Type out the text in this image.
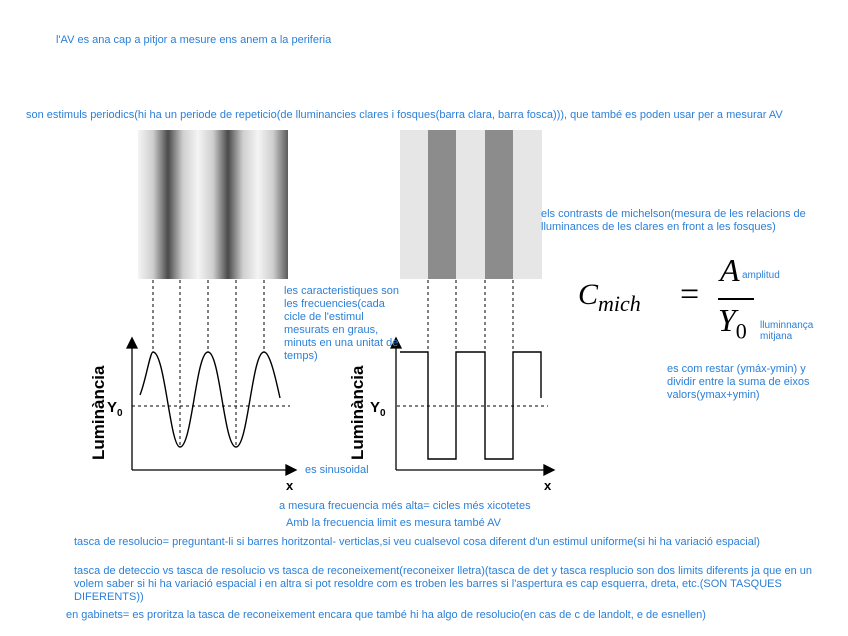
l'AV es ana cap a pitjor a mesure ens anem a la periferia

son estimuls periodics(hi ha un periode de repeticio(de lluminancies clares i fosques(barra clara, barra fosca))), que també es poden usar per a mesurar AV

Luminància	Luminància
x	x
$Y_0$	$Y_0$

els contrasts de michelson(mesura de les relacions de lluminances de les clares en front a les fosques)

les caracteristiques son les frecuencies(cada cicle de l'estimul mesurats en graus, minuts en una unitat de temps)

$C_{mich}$ =
A amplitud
$Y_0$ lluminnança mitjana

es com restar (ymáx-ymin) y dividir entre la suma de eixos valors(ymax+ymin)

es sinusoidal

a mesura frecuencia més alta= cicles més xicotetes

Amb la frecuencia limit es mesura també AV

tasca de resolucio= preguntant-li si barres horitzontal- verticlas,si veu cualsevol cosa diferent d'un estimul uniforme(si hi ha variació espacial)

tasca de deteccio vs tasca de resolucio vs tasca de reconeixement(reconeixer lletra)(tasca de det y tasca resplucio son dos limits diferents ja que en un volem saber si hi ha variació espacial i en altra si pot resoldre com es troben les barres si l'aspertura es cap esquerra, dreta, etc.(SON TASQUES DIFERENTS))

en gabinets= es proritza la tasca de reconeixement encara que també hi ha algo de resolucio(en cas de c de landolt, e de esnellen)
